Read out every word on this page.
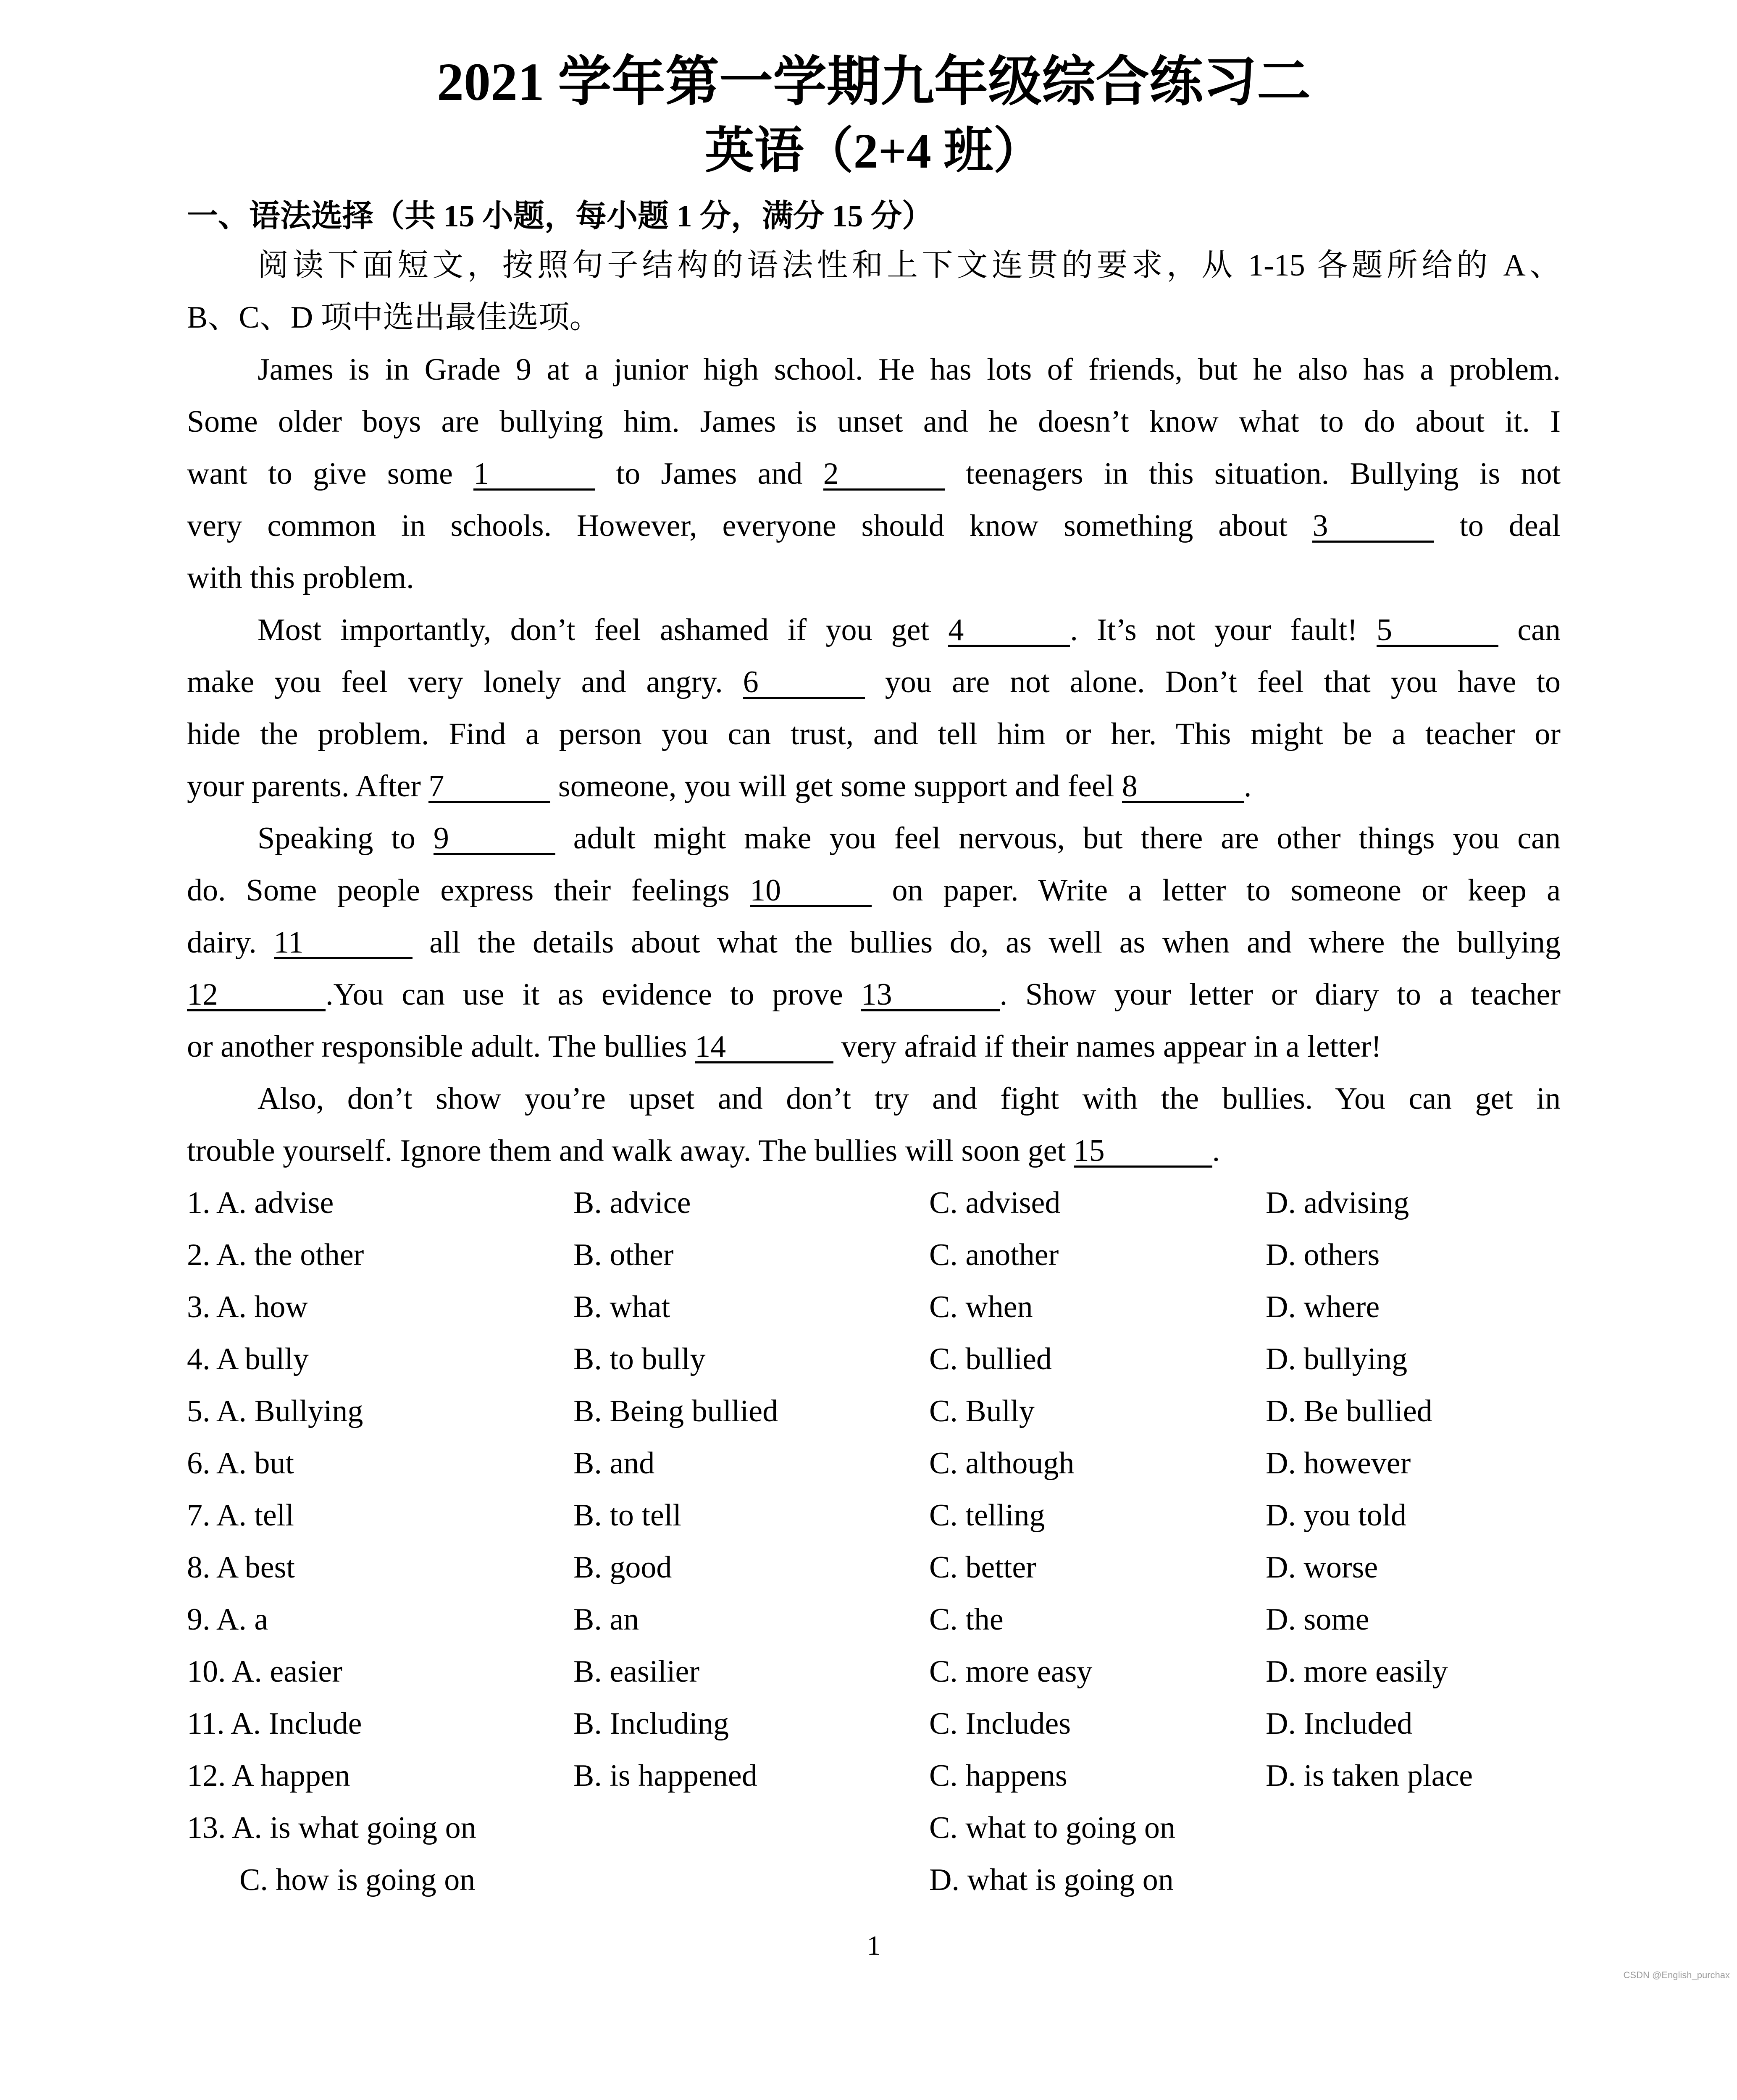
2021 学年第一学期九年级综合练习二
英语（2+4 班）
一、语法选择（共 15 小题，每小题 1 分，满分 15 分）
阅读下面短文，按照句子结构的语法性和上下文连贯的要求，从 1-15 各题所给的 A、
B、C、D 项中选出最佳选项。
James is in Grade 9 at a junior high school. He has lots of friends, but he also has a problem.
Some older boys are bullying him. James is unset and he doesn’t know what to do about it. I
want to give some 1	to James and 2	teenagers in this situation. Bullying is not
very common in schools. However, everyone should know something about 3	to deal
with this problem.
Most importantly, don’t feel ashamed if you get 4	. It’s not your fault! 5	can
make you feel very lonely and angry. 6	you are not alone. Don’t feel that you have to
hide the problem. Find a person you can trust, and tell him or her. This might be a teacher or
your parents. After 7	someone, you will get some support and feel 8	.
Speaking to 9	adult might make you feel nervous, but there are other things you can
do. Some people express their feelings 10	on paper. Write a letter to someone or keep a
dairy. 11	all the details about what the bullies do, as well as when and where the bullying
12	.You can use it as evidence to prove 13	. Show your letter or diary to a teacher
or another responsible adult. The bullies 14	very afraid if their names appear in a letter!
Also, don’t show you’re upset and don’t try and fight with the bullies. You can get in
trouble yourself. Ignore them and walk away. The bullies will soon get 15	.
1. A. advise	B. advice	C. advised	D. advising
2. A. the other	B. other	C. another	D. others
3. A. how	B. what	C. when	D. where
4. A bully	B. to bully	C. bullied	D. bullying
5. A. Bullying	B. Being bullied	C. Bully	D. Be bullied
6. A. but	B. and	C. although	D. however
7. A. tell	B. to tell	C. telling	D. you told
8. A best	B. good	C. better	D. worse
9. A. a	B. an	C. the	D. some
10. A. easier	B. easilier	C. more easy	D. more easily
11. A. Include	B. Including	C. Includes	D. Included
12. A happen	B. is happened	C. happens	D. is taken place
13. A. is what going on	C. what to going on
C. how is going on	D. what is going on
1
CSDN @English_purchax
